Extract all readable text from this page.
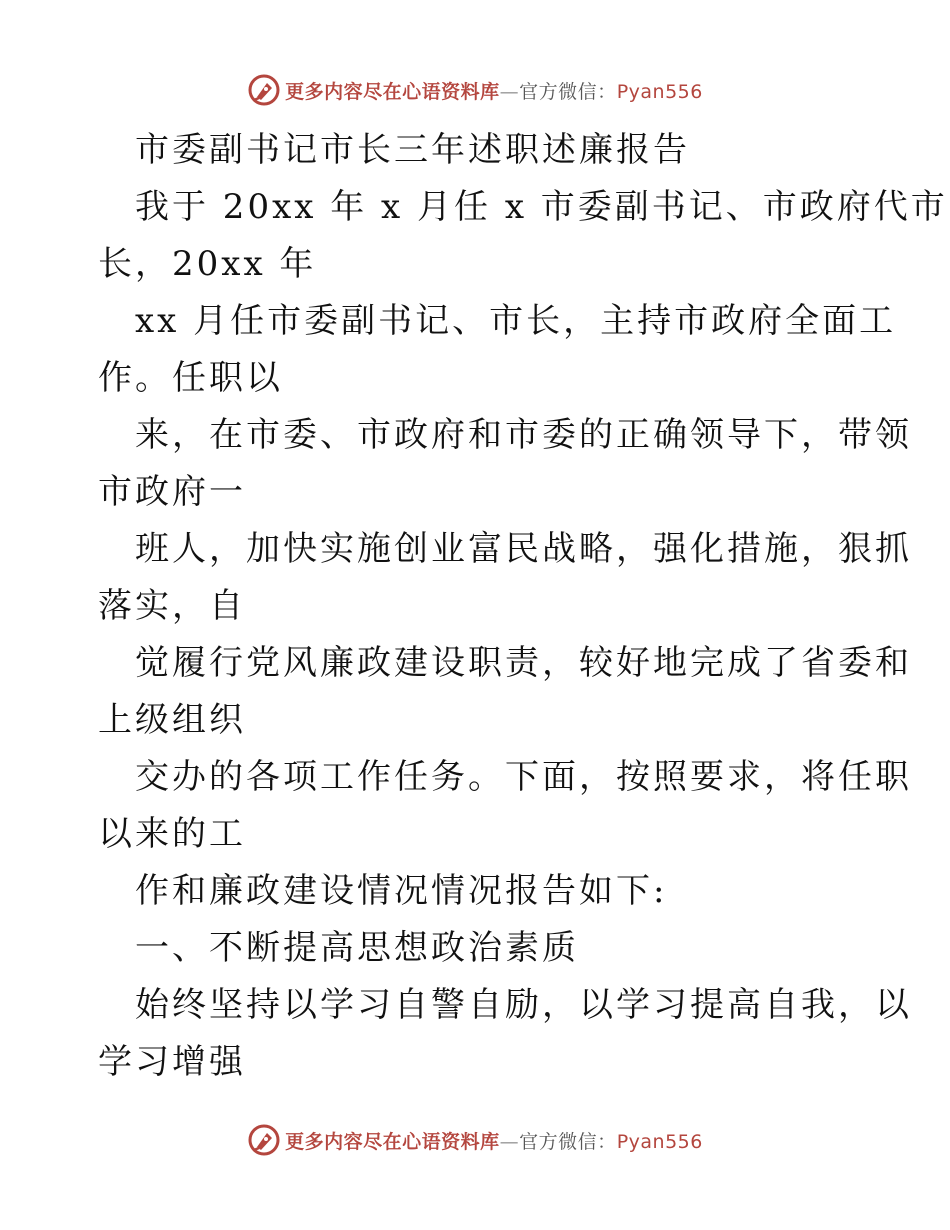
更多内容尽在心语资料库—官方微信：Pyan556
市委副书记市长三年述职述廉报告
我于 20xx 年 x 月任 x 市委副书记、市政府代市
长，20xx 年
xx 月任市委副书记、市长，主持市政府全面工
作。任职以
来，在市委、市政府和市委的正确领导下，带领
市政府一
班人，加快实施创业富民战略，强化措施，狠抓
落实，自
觉履行党风廉政建设职责，较好地完成了省委和
上级组织
交办的各项工作任务。下面，按照要求，将任职
以来的工
作和廉政建设情况情况报告如下:
一、不断提高思想政治素质
始终坚持以学习自警自励，以学习提高自我，以
学习增强
更多内容尽在心语资料库—官方微信：Pyan556
